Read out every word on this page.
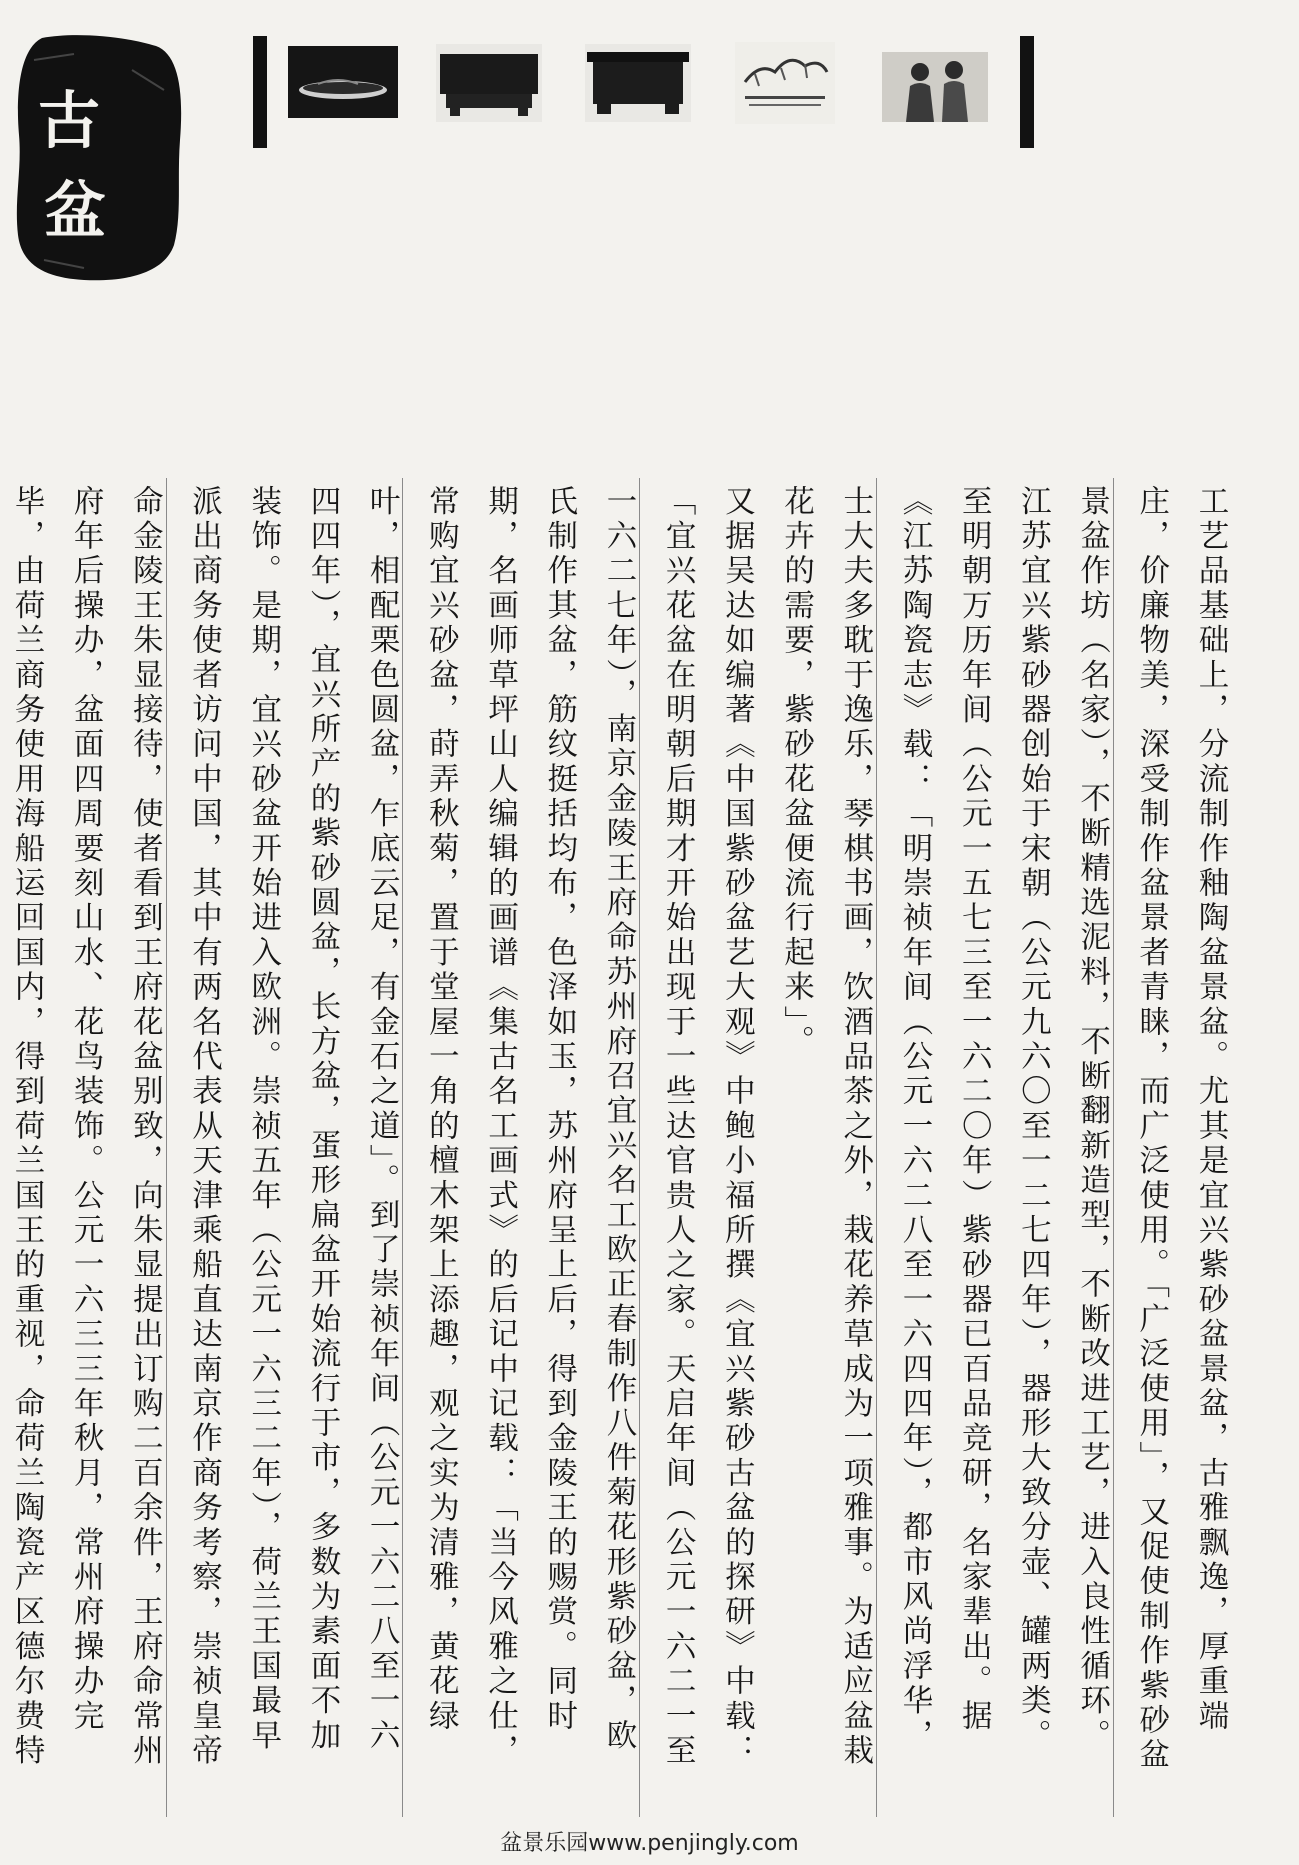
古
盆

工艺品基础上，分流制作釉陶盆景盆。尤其是宜兴紫砂盆景盆，古雅飘逸，厚重端庄，价廉物美，深受制作盆景者青睐，而广泛使用。「广泛使用」，又促使制作紫砂盆景盆作坊（名家），不断精选泥料，不断翻新造型，不断改进工艺，进入良性循环。

江苏宜兴紫砂器创始于宋朝（公元九六〇至一二七四年），器形大致分壶、罐两类。至明朝万历年间（公元一五七三至一六二〇年）紫砂器已百品竞研，名家辈出。据《江苏陶瓷志》载：「明崇祯年间（公元一六二八至一六四四年），都市风尚浮华，士大夫多耽于逸乐，琴棋书画，饮酒品茶之外，栽花养草成为一项雅事。为适应盆栽花卉的需要，紫砂花盆便流行起来」。

又据吴达如编著《中国紫砂盆艺大观》中鲍小福所撰《宜兴紫砂古盆的探研》中载：「宜兴花盆在明朝后期才开始出现于一些达官贵人之家。天启年间（公元一六二一至一六二七年），南京金陵王府命苏州府召宜兴名工欧正春制作八件菊花形紫砂盆，欧氏制作其盆，筋纹挺括均布，色泽如玉，苏州府呈上后，得到金陵王的赐赏。同时期，名画师草坪山人编辑的画谱《集古名工画式》的后记中记载：「当今风雅之仕，常购宜兴砂盆，莳弄秋菊，置于堂屋一角的檀木架上添趣，观之实为清雅，黄花绿叶，相配栗色圆盆，乍底云足，有金石之道」。到了崇祯年间（公元一六二八至一六四四年），宜兴所产的紫砂圆盆，长方盆，蛋形扁盆开始流行于市，多数为素面不加装饰。是期，宜兴砂盆开始进入欧洲。崇祯五年（公元一六三二年），荷兰王国最早派出商务使者访问中国，其中有两名代表从天津乘船直达南京作商务考察，崇祯皇帝命金陵王朱显接待，使者看到王府花盆别致，向朱显提出订购二百余件，王府命常州府年后操办，盆面四周要刻山水、花鸟装饰。公元一六三三年秋月，常州府操办完毕，由荷兰商务使用海船运回国内，得到荷兰国王的重视，命荷兰陶瓷产区德尔费特

盆景乐园www.penjingly.com
